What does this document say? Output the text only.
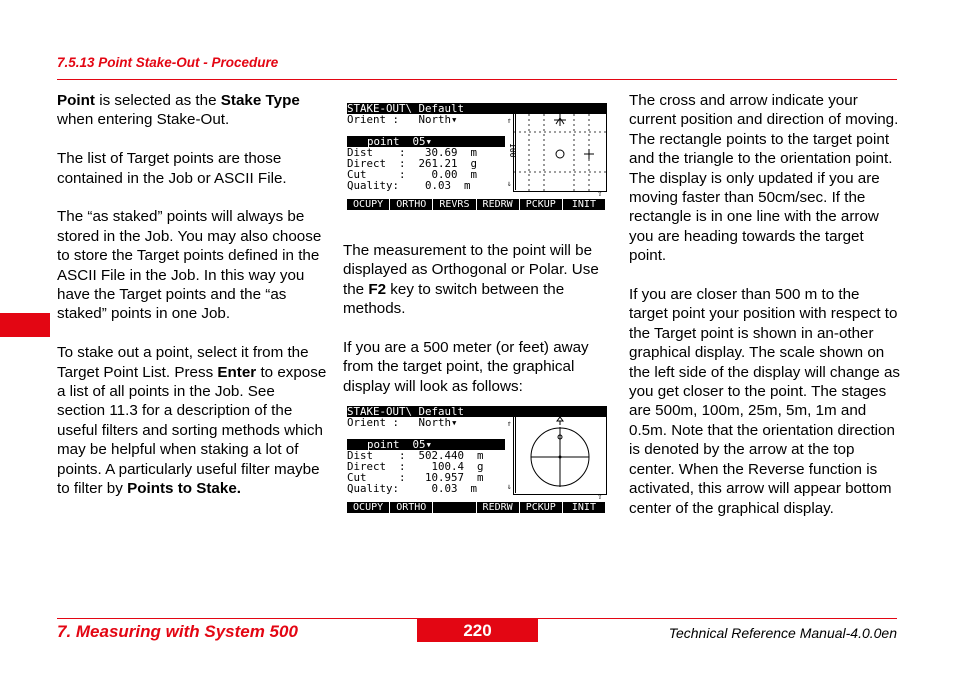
7.5.13 Point Stake-Out - Procedure

Point is selected as the Stake Type when entering Stake-Out.

The list of Target points are those contained in the Job or ASCII File.

The “as staked” points will always be stored in the Job. You may also choose to store the Target points defined in the ASCII File in the Job. In this way you have the Target points and the “as staked” points in one Job.

To stake out a point, select it from the Target Point List. Press Enter to expose a list of all points in the Job. See section 11.3 for a description of the useful filters and sorting methods which may be helpful when staking a lot of points. A particularly useful filter maybe to filter by Points to Stake.

STAKE-OUT\ Default
Orient :   North▾
point  05▾
Dist    :   30.69  m
Direct  :  261.21  g
Cut     :    0.00  m
Quality:    0.03  m
⇑
100
⇓
OCUPY	ORTHO	REVRS	REDRW	PCKUP	INIT
⇧

The measurement to the point will be displayed as Orthogonal or Polar. Use the F2 key to switch between the methods.

If you are a 500 meter (or feet) away from the target point, the graphical display will look as follows:

STAKE-OUT\ Default
Orient :   North▾
point  05▾
Dist    :  502.440  m
Direct  :    100.4  g
Cut     :   10.957  m
Quality:     0.03  m
⇑
⇓
OCUPY	ORTHO	REDRW	PCKUP	INIT
⇧

The cross and arrow indicate your current position and direction of moving. The rectangle points to the target point and the triangle to the orientation point. The display is only updated if you are moving faster than 50cm/sec. If the rectangle is in one line with the arrow you are heading towards the target point.

If you are closer than 500 m to the target point your position with respect to the Target point is shown in an-other graphical display. The scale shown on the left side of the display will change as you get closer to the point. The stages are 500m, 100m, 25m, 5m, 1m and 0.5m. Note that the orientation direction is denoted by the arrow at the top center. When the Reverse function is activated, this arrow will appear bottom center of the graphical display.

7. Measuring with System 500	220	Technical Reference Manual-4.0.0en
